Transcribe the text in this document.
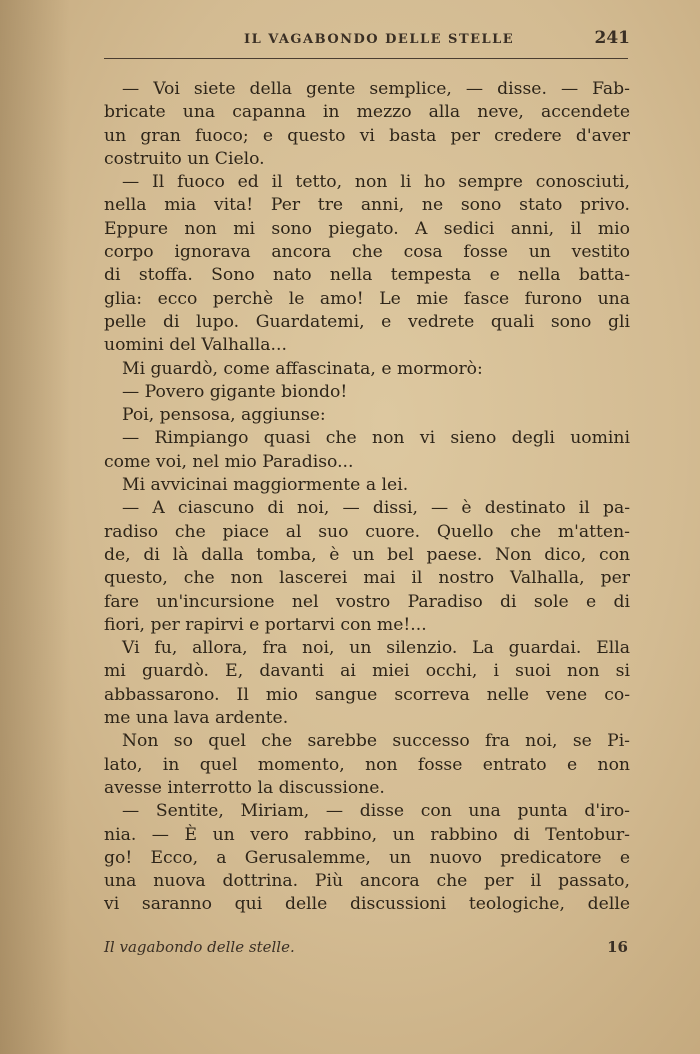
IL VAGABONDO DELLE STELLE	241
— Voi siete della gente semplice, — disse. — Fab-
bricate una capanna in mezzo alla neve, accendete
un gran fuoco; e questo vi basta per credere d'aver
costruito un Cielo.
— Il fuoco ed il tetto, non li ho sempre conosciuti,
nella mia vita! Per tre anni, ne sono stato privo.
Eppure non mi sono piegato. A sedici anni, il mio
corpo ignorava ancora che cosa fosse un vestito
di stoffa. Sono nato nella tempesta e nella batta-
glia: ecco perchè le amo! Le mie fasce furono una
pelle di lupo. Guardatemi, e vedrete quali sono gli
uomini del Valhalla...
Mi guardò, come affascinata, e mormorò:
— Povero gigante biondo!
Poi, pensosa, aggiunse:
— Rimpiango quasi che non vi sieno degli uomini
come voi, nel mio Paradiso...
Mi avvicinai maggiormente a lei.
— A ciascuno di noi, — dissi, — è destinato il pa-
radiso che piace al suo cuore. Quello che m'atten-
de, di là dalla tomba, è un bel paese. Non dico, con
questo, che non lascerei mai il nostro Valhalla, per
fare un'incursione nel vostro Paradiso di sole e di
fiori, per rapirvi e portarvi con me!...
Vi fu, allora, fra noi, un silenzio. La guardai. Ella
mi guardò. E, davanti ai miei occhi, i suoi non si
abbassarono. Il mio sangue scorreva nelle vene co-
me una lava ardente.
Non so quel che sarebbe successo fra noi, se Pi-
lato, in quel momento, non fosse entrato e non
avesse interrotto la discussione.
— Sentite, Miriam, — disse con una punta d'iro-
nia. — È un vero rabbino, un rabbino di Tentobur-
go! Ecco, a Gerusalemme, un nuovo predicatore e
una nuova dottrina. Più ancora che per il passato,
vi saranno qui delle discussioni teologiche, delle
Il vagabondo delle stelle.	16
